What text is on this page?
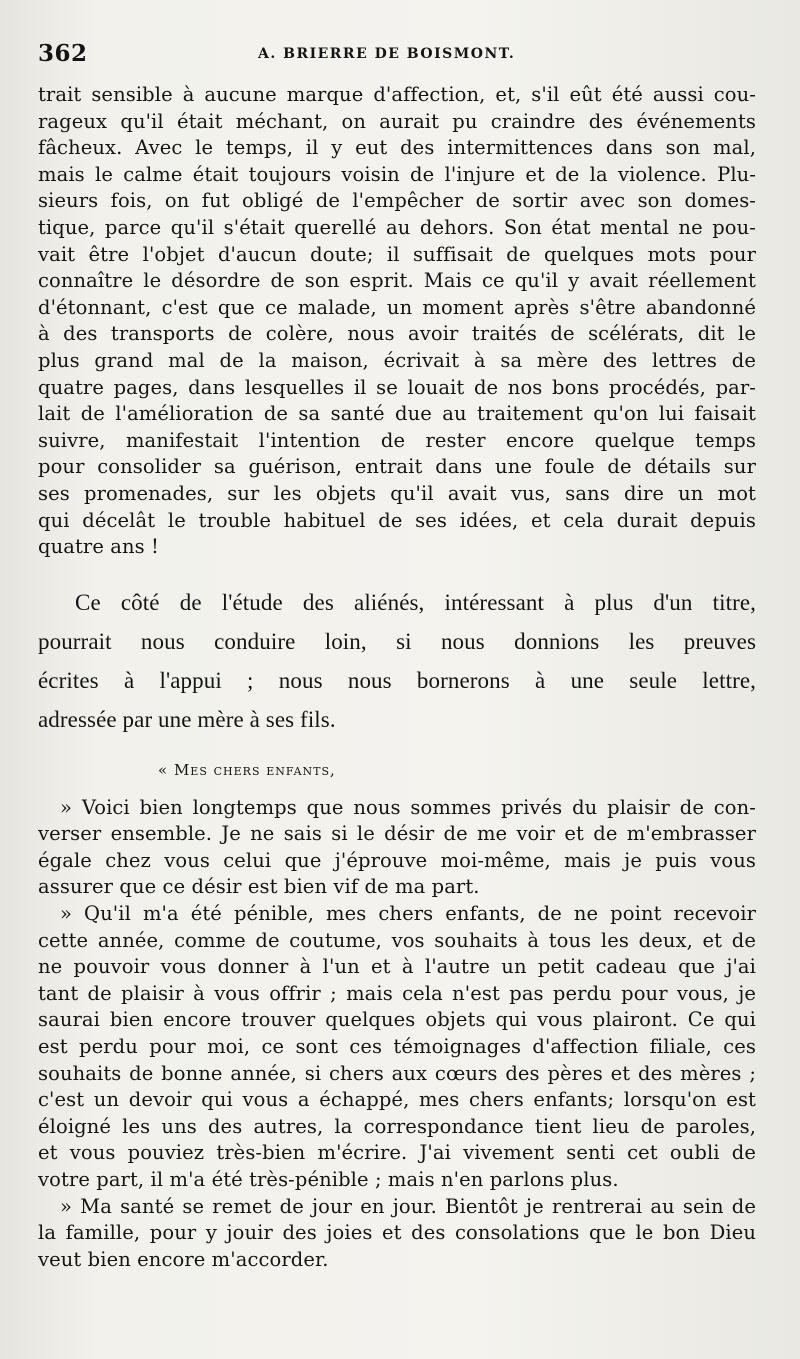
362	A. BRIERRE DE BOISMONT.
trait sensible à aucune marque d'affection, et, s'il eût été aussi cou-
rageux qu'il était méchant, on aurait pu craindre des événements
fâcheux. Avec le temps, il y eut des intermittences dans son mal,
mais le calme était toujours voisin de l'injure et de la violence. Plu-
sieurs fois, on fut obligé de l'empêcher de sortir avec son domes-
tique, parce qu'il s'était querellé au dehors. Son état mental ne pou-
vait être l'objet d'aucun doute; il suffisait de quelques mots pour
connaître le désordre de son esprit. Mais ce qu'il y avait réellement
d'étonnant, c'est que ce malade, un moment après s'être abandonné
à des transports de colère, nous avoir traités de scélérats, dit le
plus grand mal de la maison, écrivait à sa mère des lettres de
quatre pages, dans lesquelles il se louait de nos bons procédés, par-
lait de l'amélioration de sa santé due au traitement qu'on lui faisait
suivre, manifestait l'intention de rester encore quelque temps
pour consolider sa guérison, entrait dans une foule de détails sur
ses promenades, sur les objets qu'il avait vus, sans dire un mot
qui décelât le trouble habituel de ses idées, et cela durait depuis
quatre ans !
Ce côté de l'étude des aliénés, intéressant à plus d'un titre,
pourrait nous conduire loin, si nous donnions les preuves
écrites à l'appui ; nous nous bornerons à une seule lettre,
adressée par une mère à ses fils.
« Mes chers enfants,
» Voici bien longtemps que nous sommes privés du plaisir de con-
verser ensemble. Je ne sais si le désir de me voir et de m'embrasser
égale chez vous celui que j'éprouve moi-même, mais je puis vous
assurer que ce désir est bien vif de ma part.
» Qu'il m'a été pénible, mes chers enfants, de ne point recevoir
cette année, comme de coutume, vos souhaits à tous les deux, et de
ne pouvoir vous donner à l'un et à l'autre un petit cadeau que j'ai
tant de plaisir à vous offrir ; mais cela n'est pas perdu pour vous, je
saurai bien encore trouver quelques objets qui vous plairont. Ce qui
est perdu pour moi, ce sont ces témoignages d'affection filiale, ces
souhaits de bonne année, si chers aux cœurs des pères et des mères ;
c'est un devoir qui vous a échappé, mes chers enfants; lorsqu'on est
éloigné les uns des autres, la correspondance tient lieu de paroles,
et vous pouviez très-bien m'écrire. J'ai vivement senti cet oubli de
votre part, il m'a été très-pénible ; mais n'en parlons plus.
» Ma santé se remet de jour en jour. Bientôt je rentrerai au sein de
la famille, pour y jouir des joies et des consolations que le bon Dieu
veut bien encore m'accorder.
